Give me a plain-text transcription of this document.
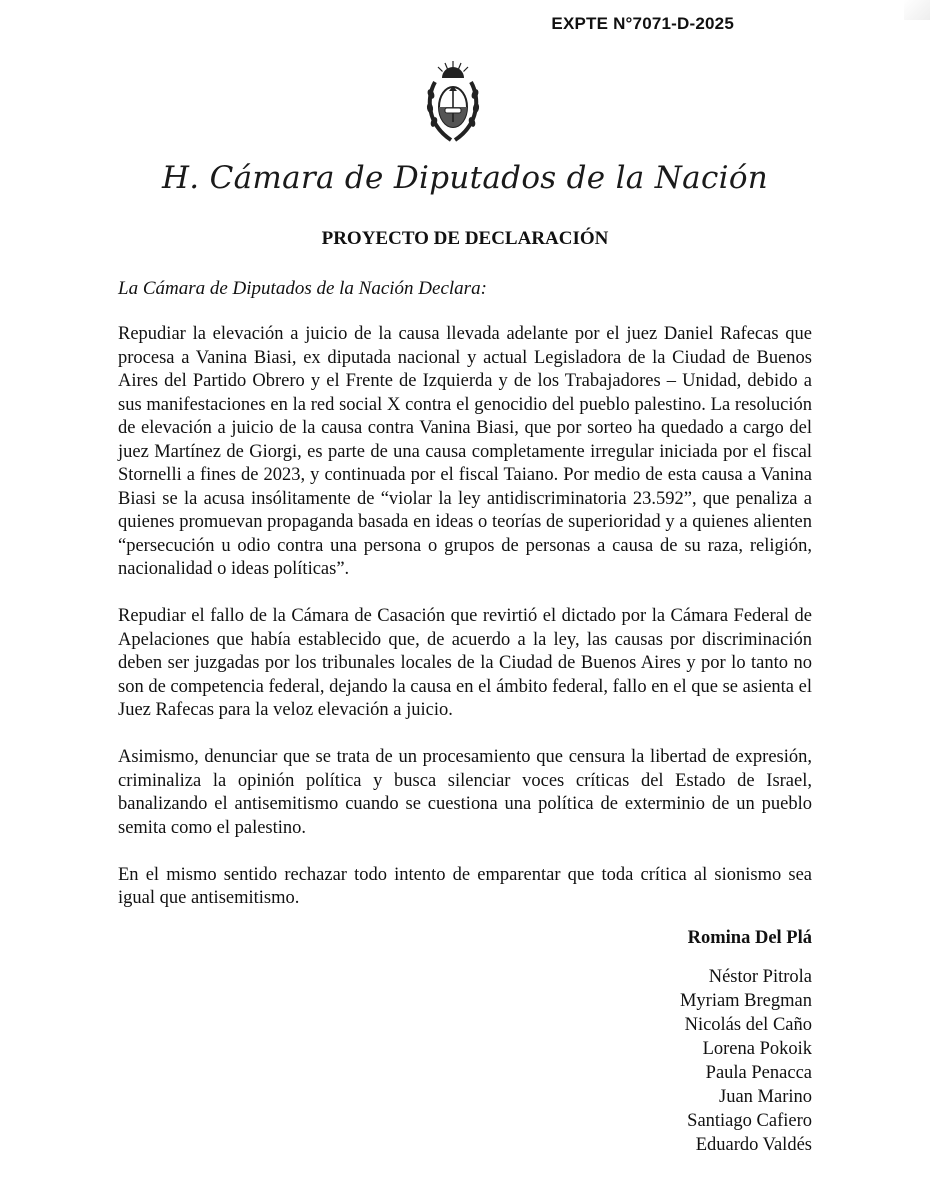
EXPTE N°7071-D-2025
H. Cámara de Diputados de la Nación
PROYECTO DE DECLARACIÓN
La Cámara de Diputados de la Nación Declara:

Repudiar la elevación a juicio de la causa llevada adelante por el juez Daniel Rafecas que procesa a Vanina Biasi, ex diputada nacional y actual Legisladora de la Ciudad de Buenos Aires del Partido Obrero y el Frente de Izquierda y de los Trabajadores – Unidad, debido a sus manifestaciones en la red social X contra el genocidio del pueblo palestino. La resolución de elevación a juicio de la causa contra Vanina Biasi, que por sorteo ha quedado a cargo del juez Martínez de Giorgi, es parte de una causa completamente irregular iniciada por el fiscal Stornelli a fines de 2023, y continuada por el fiscal Taiano. Por medio de esta causa a Vanina Biasi se la acusa insólitamente de “violar la ley antidiscriminatoria 23.592”, que penaliza a quienes promuevan propaganda basada en ideas o teorías de superioridad y a quienes alienten “persecución u odio contra una persona o grupos de personas a causa de su raza, religión, nacionalidad o ideas políticas”.

Repudiar el fallo de la Cámara de Casación que revirtió el dictado por la Cámara Federal de Apelaciones que había establecido que, de acuerdo a la ley, las causas por discriminación deben ser juzgadas por los tribunales locales de la Ciudad de Buenos Aires y por lo tanto no son de competencia federal, dejando la causa en el ámbito federal, fallo en el que se asienta el Juez Rafecas para la veloz elevación a juicio.

Asimismo, denunciar que se trata de un procesamiento que censura la libertad de expresión, criminaliza la opinión política y busca silenciar voces críticas del Estado de Israel, banalizando el antisemitismo cuando se cuestiona una política de exterminio de un pueblo semita como el palestino.

En el mismo sentido rechazar todo intento de emparentar que toda crítica al sionismo sea igual que antisemitismo.

Romina Del Plá
Néstor Pitrola
Myriam Bregman
Nicolás del Caño
Lorena Pokoik
Paula Penacca
Juan Marino
Santiago Cafiero
Eduardo Valdés
